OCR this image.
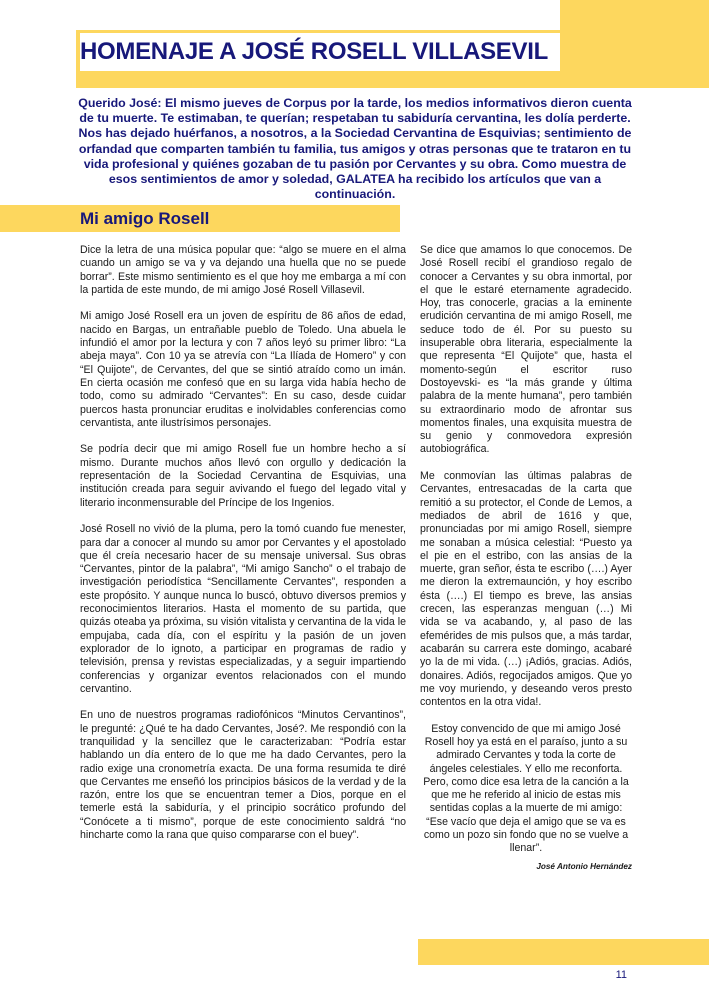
HOMENAJE A JOSÉ ROSELL VILLASEVIL

Querido José: El mismo jueves de Corpus por la tarde, los medios informativos dieron cuenta de tu muerte. Te estimaban, te querían; respetaban tu sabiduría cervantina, les dolía perderte. Nos has dejado huérfanos, a nosotros, a la Sociedad Cervantina de Esquivias; sentimiento de orfandad que comparten también tu familia, tus amigos y otras personas que te trataron en tu vida profesional y quiénes gozaban de tu pasión por Cervantes y su obra. Como muestra de esos sentimientos de amor y soledad, GALATEA ha recibido los artículos que van a continuación.

Mi amigo Rosell

Dice la letra de una música popular que: “algo se muere en el alma cuando un amigo se va y va dejando una huella que no se puede borrar”. Este mismo sentimiento es el que hoy me embarga a mí con la partida de este mundo, de mi amigo José Rosell Villasevil.

Mi amigo José Rosell era un joven de espíritu de 86 años de edad, nacido en Bargas, un entrañable pueblo de Toledo. Una abuela le infundió el amor por la lectura y con 7 años leyó su primer libro: “La abeja maya”. Con 10 ya se atrevía con “La Ilíada de Homero” y con “El Quijote”, de Cervantes, del que se sintió atraído como un imán. En cierta ocasión me confesó que en su larga vida había hecho de todo, como su admirado “Cervantes”: En su caso, desde cuidar puercos hasta pronunciar eruditas e inolvidables conferencias como cervantista, ante ilustrísimos personajes.

Se podría decir que mi amigo Rosell fue un hombre hecho a sí mismo. Durante muchos años llevó con orgullo y dedicación la representación de la Sociedad Cervantina de Esquivias, una institución creada para seguir avivando el fuego del legado vital y literario inconmensurable del Príncipe de los Ingenios.

José Rosell no vivió de la pluma, pero la tomó cuando fue menester, para dar a conocer al mundo su amor por Cervantes y el apostolado que él creía necesario hacer de su mensaje universal. Sus obras “Cervantes, pintor de la palabra”, “Mi amigo Sancho” o el trabajo de investigación periodística “Sencillamente Cervantes”, responden a este propósito. Y aunque nunca lo buscó, obtuvo diversos premios y reconocimientos literarios. Hasta el momento de su partida, que quizás oteaba ya próxima, su visión vitalista y cervantina de la vida le empujaba, cada día, con el espíritu y la pasión de un joven explorador de lo ignoto, a participar en programas de radio y televisión, prensa y revistas especializadas, y a seguir impartiendo conferencias y organizar eventos relacionados con el mundo cervantino.

En uno de nuestros programas radiofónicos “Minutos Cervantinos”, le pregunté: ¿Qué te ha dado Cervantes, José?. Me respondió con la tranquilidad y la sencillez que le caracterizaban: “Podría estar hablando un día entero de lo que me ha dado Cervantes, pero la radio exige una cronometría exacta. De una forma resumida te diré que Cervantes me enseñó los principios básicos de la verdad y de la razón, entre los que se encuentran temer a Dios, porque en el temerle está la sabiduría, y el principio socrático profundo del “Conócete a ti mismo”, porque de este conocimiento saldrá “no hincharte como la rana que quiso compararse con el buey”.

Se dice que amamos lo que conocemos. De José Rosell recibí el grandioso regalo de conocer a Cervantes y su obra inmortal, por el que le estaré eternamente agradecido. Hoy, tras conocerle, gracias a la eminente erudición cervantina de mi amigo Rosell, me seduce todo de él. Por su puesto su insuperable obra literaria, especialmente la que representa “El Quijote” que, hasta el momento-según el escritor ruso Dostoyevski- es “la más grande y última palabra de la mente humana”, pero también su extraordinario modo de afrontar sus momentos finales, una exquisita muestra de su genio y conmovedora expresión autobiográfica.

Me conmovían las últimas palabras de Cervantes, entresacadas de la carta que remitió a su protector, el Conde de Lemos, a mediados de abril de 1616 y que, pronunciadas por mi amigo Rosell, siempre me sonaban a música celestial: “Puesto ya el pie en el estribo, con las ansias de la muerte, gran señor, ésta te escribo (….) Ayer me dieron la extremaunción, y hoy escribo ésta (….) El tiempo es breve, las ansias crecen, las esperanzas menguan (…) Mi vida se va acabando, y, al paso de las efemérides de mis pulsos que, a más tardar, acabarán su carrera este domingo, acabaré yo la de mi vida. (…) ¡Adiós, gracias. Adiós, donaires. Adiós, regocijados amigos. Que yo me voy muriendo, y deseando veros presto contentos en la otra vida!.

Estoy convencido de que mi amigo José Rosell hoy ya está en el paraíso, junto a su admirado Cervantes y toda la corte de ángeles celestiales. Y ello me reconforta. Pero, como dice esa letra de la canción a la que me he referido al inicio de estas mis sentidas coplas a la muerte de mi amigo: “Ese vacío que deja el amigo que se va es como un pozo sin fondo que no se vuelve a llenar”.

José Antonio Hernández
11
